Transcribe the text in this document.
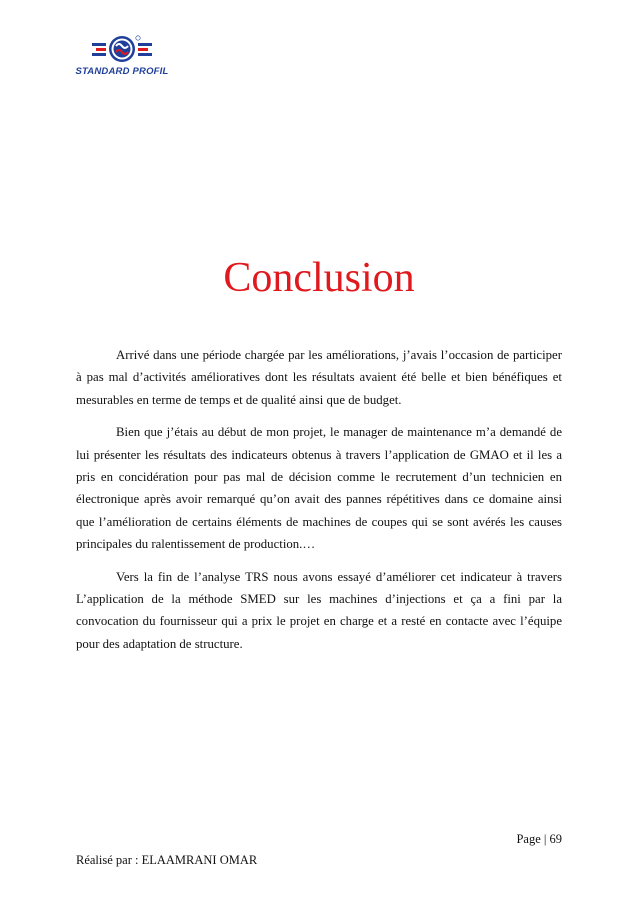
STANDARD PROFIL
Conclusion

Arrivé dans une période chargée par les améliorations, j’avais l’occasion de participer à pas mal d’activités amélioratives dont les résultats avaient été belle et bien bénéfiques et mesurables en terme de temps et de qualité ainsi que de budget.

Bien que j’étais au début de mon projet, le manager de maintenance m’a demandé de lui présenter les résultats des indicateurs obtenus à travers l’application de GMAO et il les a pris en concidération pour pas mal de décision comme le recrutement d’un technicien en électronique après avoir remarqué qu’on avait des pannes répétitives dans ce domaine ainsi que l’amélioration de certains éléments de machines de coupes qui se sont avérés les causes principales du ralentissement de production.…

Vers la fin de l’analyse TRS nous avons essayé d’améliorer cet indicateur à travers L’application de la méthode SMED sur les machines d’injections et ça a fini par la convocation du fournisseur qui a prix le projet en charge et a resté en contacte avec l’équipe pour des adaptation de structure.

Page | 69
Réalisé par : ELAAMRANI OMAR
